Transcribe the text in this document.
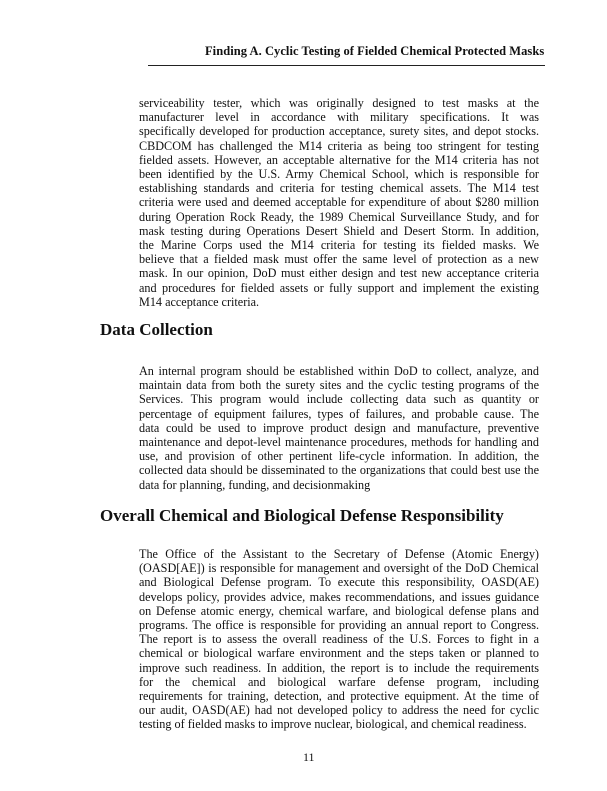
Finding A. Cyclic Testing of Fielded Chemical Protected Masks
serviceability tester, which was originally designed to test masks at the
manufacturer level in accordance with military specifications. It was
specifically developed for production acceptance, surety sites, and depot stocks.
CBDCOM has challenged the M14 criteria as being too stringent for testing
fielded assets. However, an acceptable alternative for the M14 criteria has not
been identified by the U.S. Army Chemical School, which is responsible for
establishing standards and criteria for testing chemical assets. The M14 test
criteria were used and deemed acceptable for expenditure of about $280 million
during Operation Rock Ready, the 1989 Chemical Surveillance Study, and for
mask testing during Operations Desert Shield and Desert Storm. In addition,
the Marine Corps used the M14 criteria for testing its fielded masks. We
believe that a fielded mask must offer the same level of protection as a new
mask. In our opinion, DoD must either design and test new acceptance criteria
and procedures for fielded assets or fully support and implement the existing
M14 acceptance criteria.
Data Collection
An internal program should be established within DoD to collect, analyze, and
maintain data from both the surety sites and the cyclic testing programs of the
Services. This program would include collecting data such as quantity or
percentage of equipment failures, types of failures, and probable cause. The
data could be used to improve product design and manufacture, preventive
maintenance and depot-level maintenance procedures, methods for handling and
use, and provision of other pertinent life-cycle information. In addition, the
collected data should be disseminated to the organizations that could best use the
data for planning, funding, and decisionmaking
Overall Chemical and Biological Defense Responsibility
The Office of the Assistant to the Secretary of Defense (Atomic Energy)
(OASD[AE]) is responsible for management and oversight of the DoD Chemical
and Biological Defense program. To execute this responsibility, OASD(AE)
develops policy, provides advice, makes recommendations, and issues guidance
on Defense atomic energy, chemical warfare, and biological defense plans and
programs. The office is responsible for providing an annual report to Congress.
The report is to assess the overall readiness of the U.S. Forces to fight in a
chemical or biological warfare environment and the steps taken or planned to
improve such readiness. In addition, the report is to include the requirements
for the chemical and biological warfare defense program, including
requirements for training, detection, and protective equipment. At the time of
our audit, OASD(AE) had not developed policy to address the need for cyclic
testing of fielded masks to improve nuclear, biological, and chemical readiness.
11
